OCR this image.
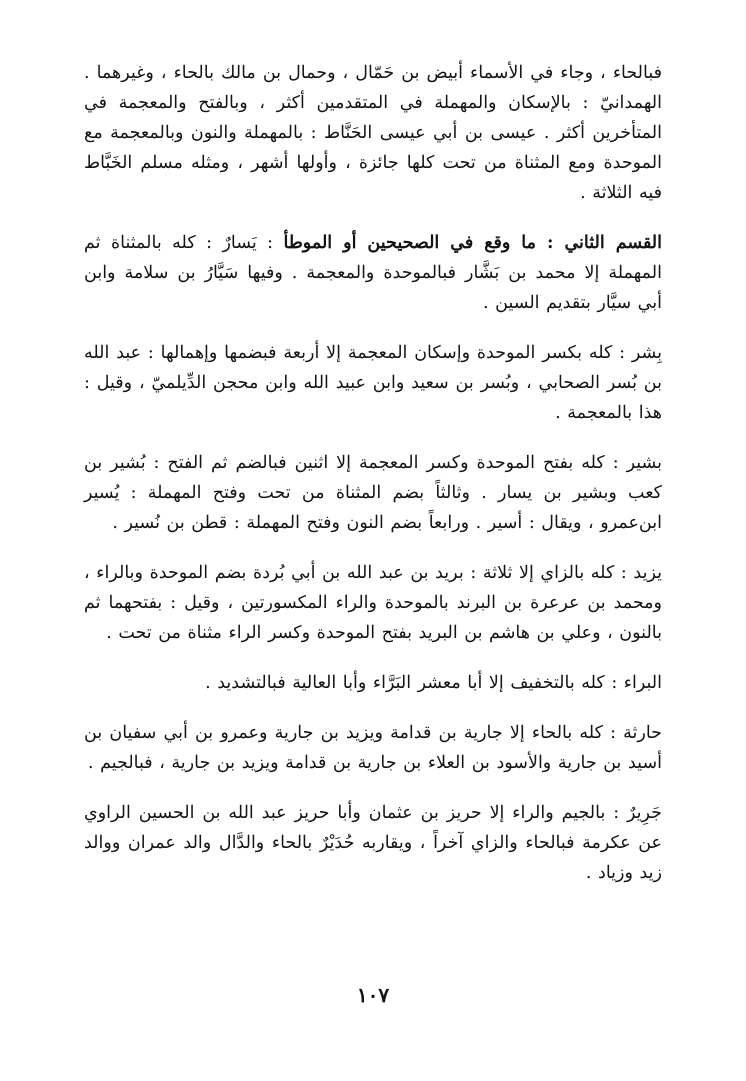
فبالحاء ، وجاء في الأسماء أبيض بن حَمّال ، وحمال بن مالك بالحاء ، وغيرهما . الهمدانيّ : بالإسكان والمهملة في المتقدمين أكثر ، وبالفتح والمعجمة في المتأخرين أكثر . عيسى بن أبي عيسى الحَنَّاط : بالمهملة والنون وبالمعجمة مع الموحدة ومع المثناة من تحت كلها جائزة ، وأولها أشهر ، ومثله مسلم الخَبَّاط فيه الثلاثة .

القسم الثاني : ما وقع في الصحيحين أو الموطأ : يَسارٌ : كله بالمثناة ثم المهملة إلا محمد بن بَشَّار فبالموحدة والمعجمة . وفيها سَيَّارُ بن سلامة وابن أبي سيَّار بتقديم السين .

بِشر : كله بكسر الموحدة وإسكان المعجمة إلا أربعة فبضمها وإهمالها : عبد الله بن بُسر الصحابي ، وبُسر بن سعيد وابن عبيد الله وابن محجن الدِّيلميّ ، وقيل : هذا بالمعجمة .

بشير : كله بفتح الموحدة وكسر المعجمة إلا اثنين فبالضم ثم الفتح : بُشير بن كعب وبشير بن يسار . وثالثاً بضم المثناة من تحت وفتح المهملة : يُسير ابن‌عمرو ، ويقال : أسير . ورابعاً بضم النون وفتح المهملة : قطن بن نُسير .

يزيد : كله بالزاي إلا ثلاثة : بريد بن عبد الله بن أبي بُردة بضم الموحدة وبالراء ، ومحمد بن عرعرة بن البرند بالموحدة والراء المكسورتين ، وقيل : بفتحهما ثم بالنون ، وعلي بن هاشم بن البريد بفتح الموحدة وكسر الراء مثناة من تحت .

البراء : كله بالتخفيف إلا أبا معشر البَرَّاء وأبا العالية فبالتشديد .

حارثة : كله بالحاء إلا جارية بن قدامة ويزيد بن جارية وعمرو بن أبي سفيان بن أسيد بن جارية والأسود بن العلاء بن جارية بن قدامة ويزيد بن جارية ، فبالجيم .

جَرِيرٌ : بالجيم والراء إلا حريز بن عثمان وأبا حريز عبد الله بن الحسين الراوي عن عكرمة فبالحاء والزاي آخراً ، ويقاربه حُدَيْرٌ بالحاء والدَّال والد عمران ووالد زيد وزياد .

١٠٧
